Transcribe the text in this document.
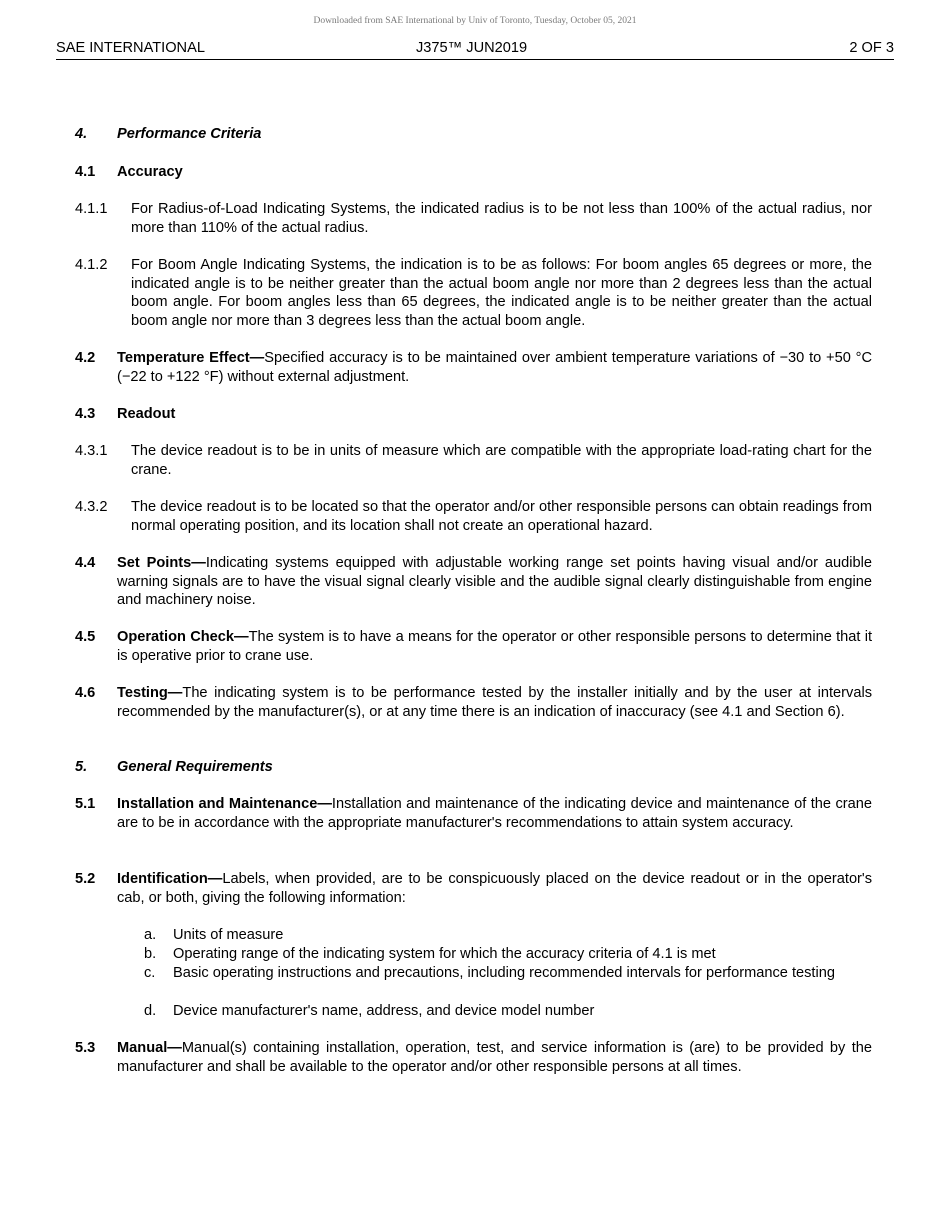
Downloaded from SAE International by Univ of Toronto, Tuesday, October 05, 2021
SAE INTERNATIONAL	J375™ JUN2019	2 OF 3
4. Performance Criteria
4.1 Accuracy
4.1.1 For Radius-of-Load Indicating Systems, the indicated radius is to be not less than 100% of the actual radius, nor more than 110% of the actual radius.
4.1.2 For Boom Angle Indicating Systems, the indication is to be as follows: For boom angles 65 degrees or more, the indicated angle is to be neither greater than the actual boom angle nor more than 2 degrees less than the actual boom angle. For boom angles less than 65 degrees, the indicated angle is to be neither greater than the actual boom angle nor more than 3 degrees less than the actual boom angle.
4.2 Temperature Effect—Specified accuracy is to be maintained over ambient temperature variations of −30 to +50 °C (−22 to +122 °F) without external adjustment.
4.3 Readout
4.3.1 The device readout is to be in units of measure which are compatible with the appropriate load-rating chart for the crane.
4.3.2 The device readout is to be located so that the operator and/or other responsible persons can obtain readings from normal operating position, and its location shall not create an operational hazard.
4.4 Set Points—Indicating systems equipped with adjustable working range set points having visual and/or audible warning signals are to have the visual signal clearly visible and the audible signal clearly distinguishable from engine and machinery noise.
4.5 Operation Check—The system is to have a means for the operator or other responsible persons to determine that it is operative prior to crane use.
4.6 Testing—The indicating system is to be performance tested by the installer initially and by the user at intervals recommended by the manufacturer(s), or at any time there is an indication of inaccuracy (see 4.1 and Section 6).
5. General Requirements
5.1 Installation and Maintenance—Installation and maintenance of the indicating device and maintenance of the crane are to be in accordance with the appropriate manufacturer's recommendations to attain system accuracy.
5.2 Identification—Labels, when provided, are to be conspicuously placed on the device readout or in the operator's cab, or both, giving the following information:
a. Units of measure
b. Operating range of the indicating system for which the accuracy criteria of 4.1 is met
c. Basic operating instructions and precautions, including recommended intervals for performance testing
d. Device manufacturer's name, address, and device model number
5.3 Manual—Manual(s) containing installation, operation, test, and service information is (are) to be provided by the manufacturer and shall be available to the operator and/or other responsible persons at all times.
